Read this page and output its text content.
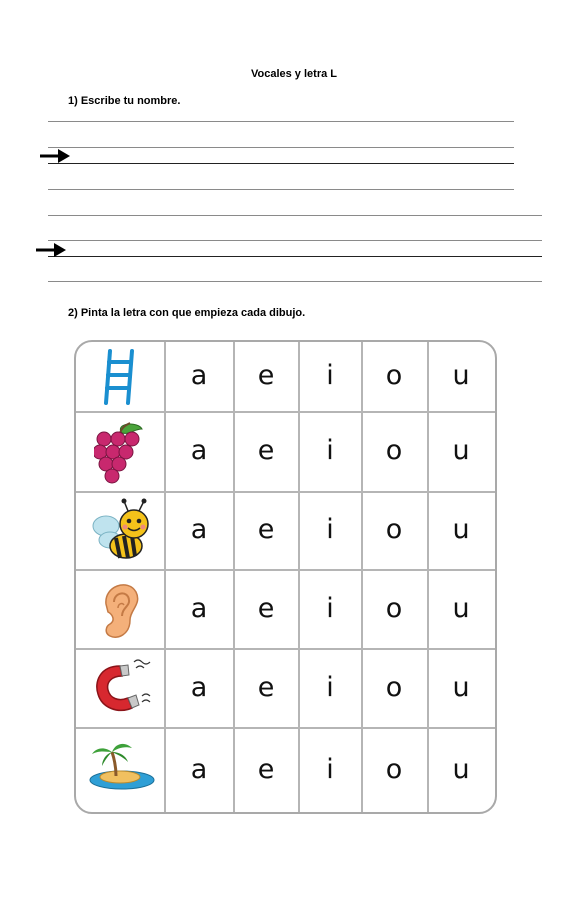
Vocales y letra L
1) Escribe tu nombre.
2) Pinta la letra con que empieza cada dibujo.
a	e	i	o	u
a	e	i	o	u
a	e	i	o	u
a	e	i	o	u
a	e	i	o	u
a	e	i	o	u
